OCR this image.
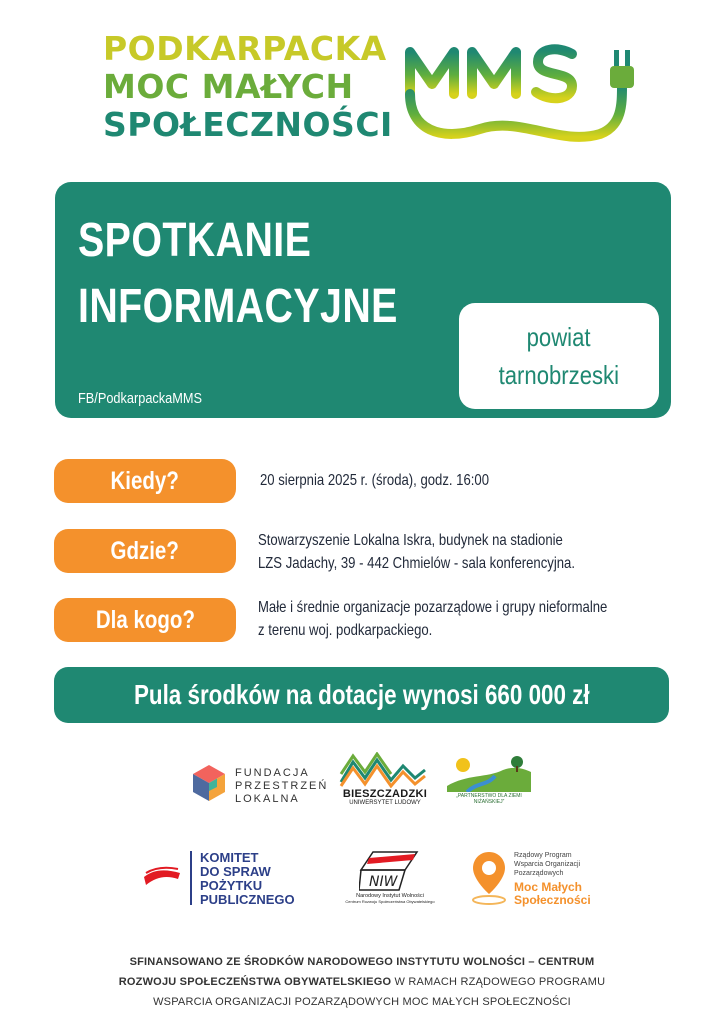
PODKARPACKA
MOC MAŁYCH
SPOŁECZNOŚCI
MMS
SPOTKANIE
INFORMACYJNE
FB/PodkarpackaMMS
powiat
tarnobrzeski
Kiedy?	20 sierpnia 2025 r. (środa), godz. 16:00
Gdzie?	Stowarzyszenie Lokalna Iskra, budynek na stadionie
LZS Jadachy, 39 - 442 Chmielów - sala konferencyjna.
Dla kogo?	Małe i średnie organizacje pozarządowe i grupy nieformalne
z terenu woj. podkarpackiego.
Pula środków na dotacje wynosi 660 000 zł
FUNDACJA
PRZESTRZEŃ
LOKALNA	BIESZCZADZKI
UNIWERSYTET LUDOWY
„PARTNERSTWO DLA ZIEMI NIŻAŃSKIEJ”
KOMITET
DO SPRAW
POŻYTKU
PUBLICZNEGO
NIW
Narodowy Instytut Wolności
Centrum Rozwoju Społeczeństwa Obywatelskiego
Rządowy Program
Wsparcia Organizacji
Pozarządowych
Moc Małych
Społeczności
SFINANSOWANO ZE ŚRODKÓW NARODOWEGO INSTYTUTU WOLNOŚCI – CENTRUM
ROZWOJU SPOŁECZEŃSTWA OBYWATELSKIEGO W RAMACH RZĄDOWEGO PROGRAMU
WSPARCIA ORGANIZACJI POZARZĄDOWYCH MOC MAŁYCH SPOŁECZNOŚCI
